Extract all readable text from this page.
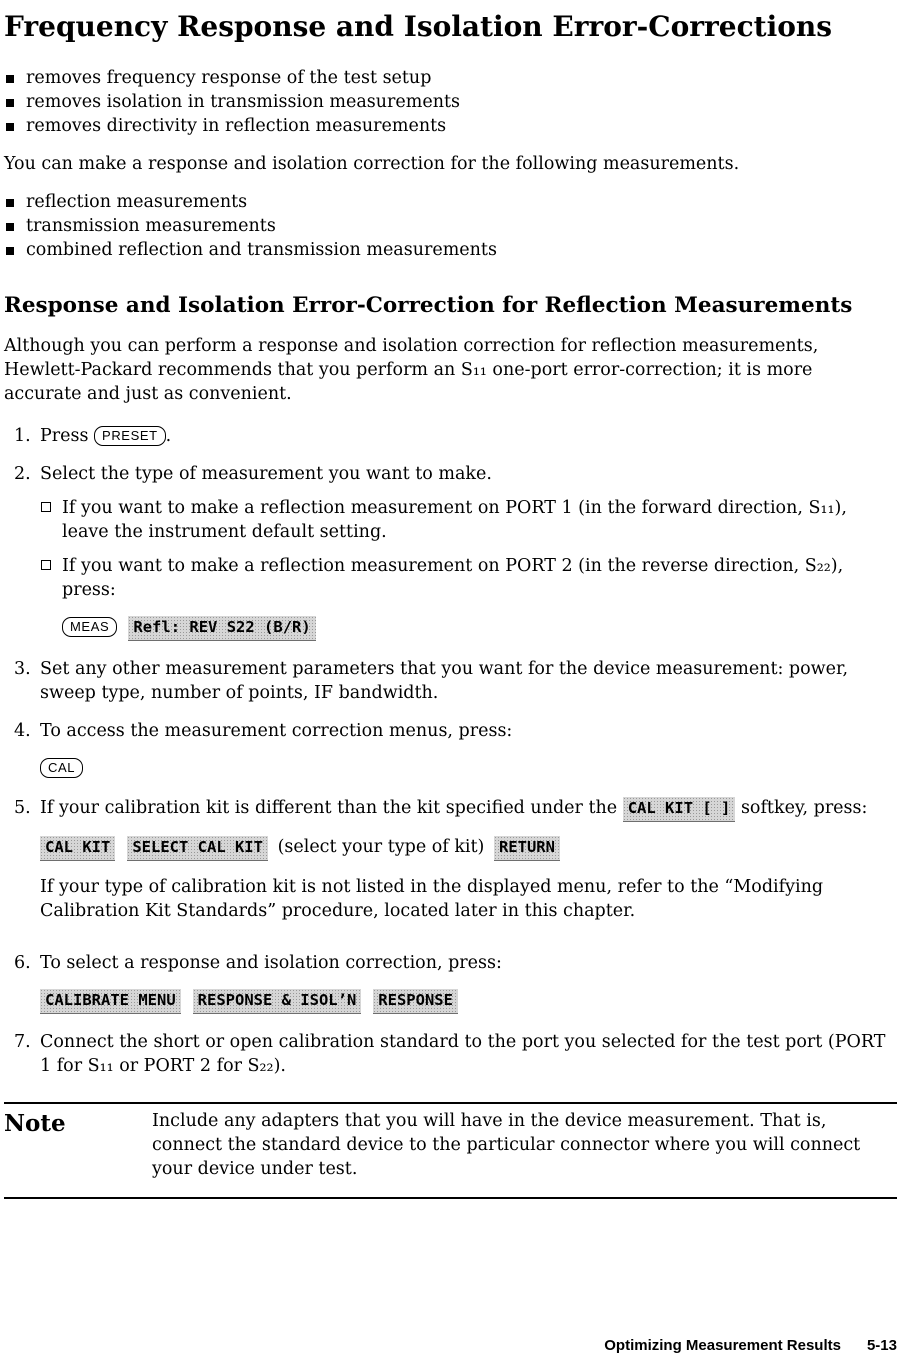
Frequency Response and Isolation Error-Corrections
removes frequency response of the test setup
removes isolation in transmission measurements
removes directivity in reflection measurements

You can make a response and isolation correction for the following measurements.

reflection measurements
transmission measurements
combined reflection and transmission measurements
Response and Isolation Error-Correction for Reflection Measurements

Although you can perform a response and isolation correction for reflection measurements, Hewlett-Packard recommends that you perform an S₁₁ one-port error-correction; it is more accurate and just as convenient.

1. Press PRESET .

2. Select the type of measurement you want to make.

If you want to make a reflection measurement on PORT 1 (in the forward direction, S₁₁), leave the instrument default setting.

If you want to make a reflection measurement on PORT 2 (in the reverse direction, S₂₂), press:

MEAS Refl: REV S22 (B/R)

3. Set any other measurement parameters that you want for the device measurement: power, sweep type, number of points, IF bandwidth.

4. To access the measurement correction menus, press:

CAL

5. If your calibration kit is different than the kit specified under the CAL KIT [ ] softkey, press:

CAL KIT SELECT CAL KIT (select your type of kit) RETURN

If your type of calibration kit is not listed in the displayed menu, refer to the “Modifying Calibration Kit Standards” procedure, located later in this chapter.

6. To select a response and isolation correction, press:

CALIBRATE MENU RESPONSE & ISOL’N RESPONSE

7. Connect the short or open calibration standard to the port you selected for the test port (PORT 1 for S₁₁ or PORT 2 for S₂₂).

Note	Include any adapters that you will have in the device measurement. That is, connect the standard device to the particular connector where you will connect your device under test.

Optimizing Measurement Results 5-13
